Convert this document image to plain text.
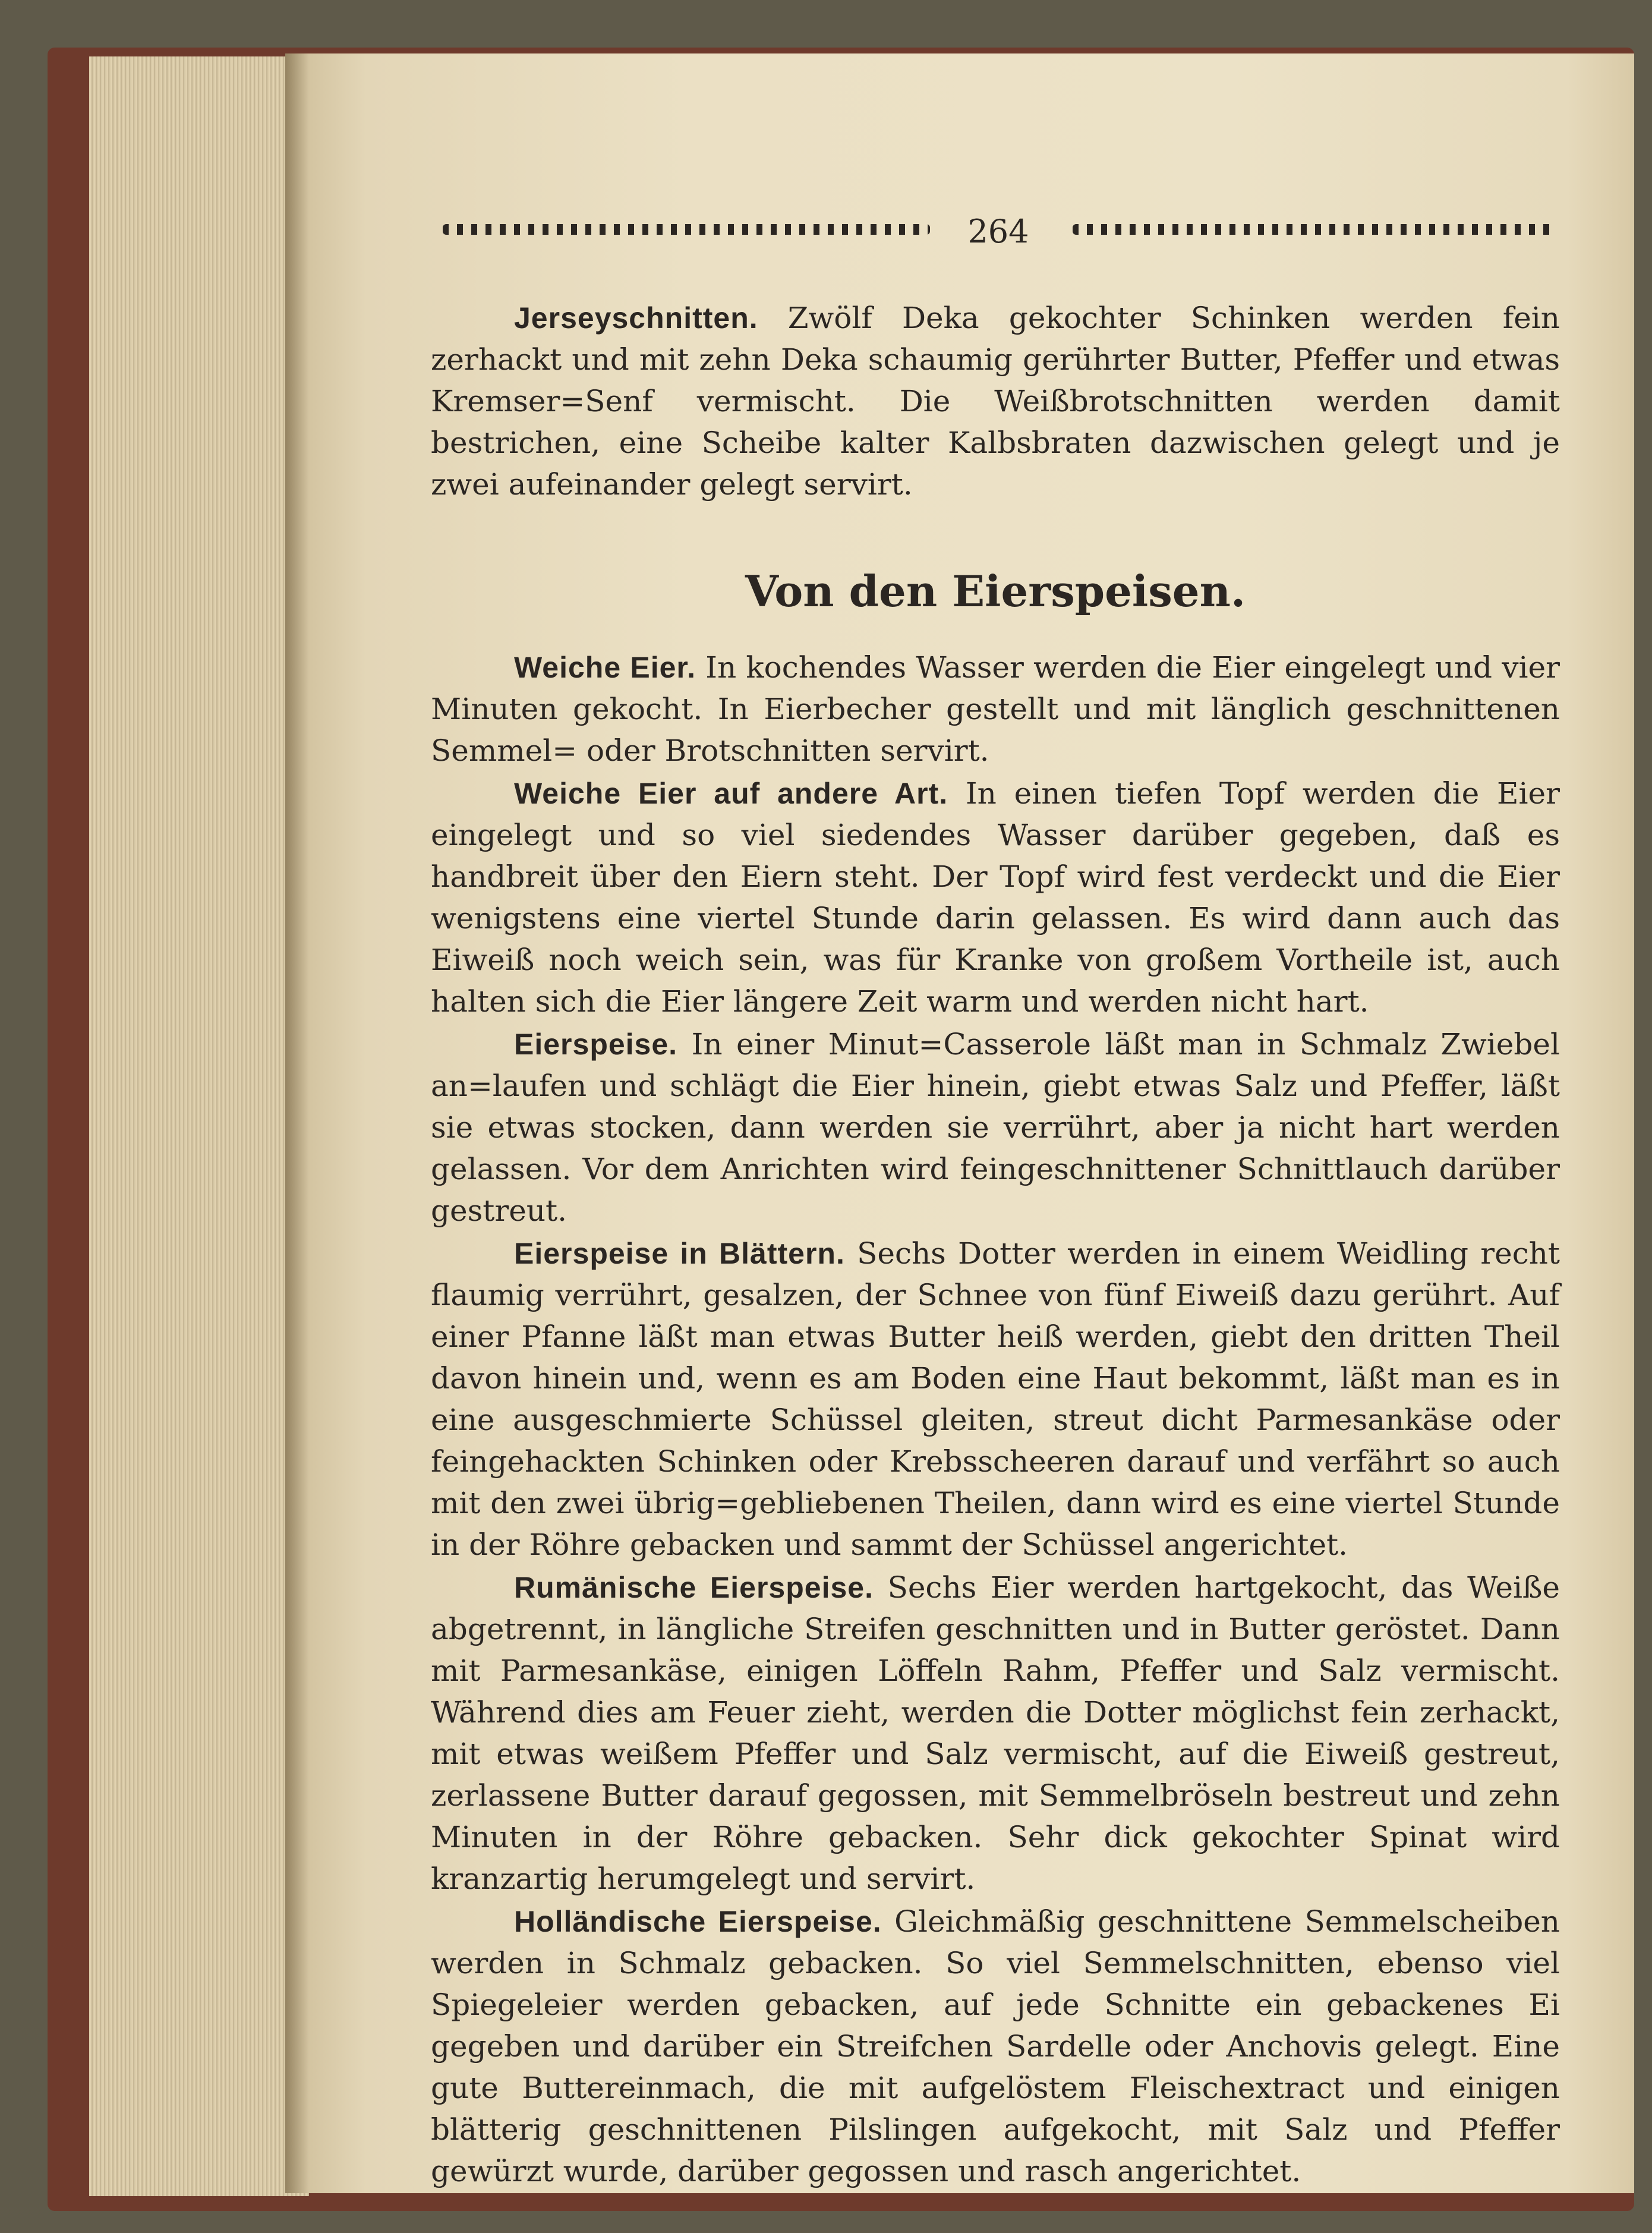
264

Jerseyschnitten. Zwölf Deka gekochter Schinken werden fein zerhackt und mit zehn Deka schaumig gerührter Butter, Pfeffer und etwas Kremser=Senf vermischt. Die Weißbrotschnitten werden damit bestrichen, eine Scheibe kalter Kalbsbraten dazwischen gelegt und je zwei aufeinander gelegt servirt.

Von den Eierspeisen.

Weiche Eier. In kochendes Wasser werden die Eier eingelegt und vier Minuten gekocht. In Eierbecher gestellt und mit länglich geschnittenen Semmel= oder Brotschnitten servirt.

Weiche Eier auf andere Art. In einen tiefen Topf werden die Eier eingelegt und so viel siedendes Wasser darüber gegeben, daß es handbreit über den Eiern steht. Der Topf wird fest verdeckt und die Eier wenigstens eine viertel Stunde darin gelassen. Es wird dann auch das Eiweiß noch weich sein, was für Kranke von großem Vortheile ist, auch halten sich die Eier längere Zeit warm und werden nicht hart.

Eierspeise. In einer Minut=Casserole läßt man in Schmalz Zwiebel an=laufen und schlägt die Eier hinein, giebt etwas Salz und Pfeffer, läßt sie etwas stocken, dann werden sie verrührt, aber ja nicht hart werden gelassen. Vor dem Anrichten wird feingeschnittener Schnittlauch darüber gestreut.

Eierspeise in Blättern. Sechs Dotter werden in einem Weidling recht flaumig verrührt, gesalzen, der Schnee von fünf Eiweiß dazu gerührt. Auf einer Pfanne läßt man etwas Butter heiß werden, giebt den dritten Theil davon hinein und, wenn es am Boden eine Haut bekommt, läßt man es in eine ausgeschmierte Schüssel gleiten, streut dicht Parmesankäse oder feingehackten Schinken oder Krebsscheeren darauf und verfährt so auch mit den zwei übrig=gebliebenen Theilen, dann wird es eine viertel Stunde in der Röhre gebacken und sammt der Schüssel angerichtet.

Rumänische Eierspeise. Sechs Eier werden hartgekocht, das Weiße abgetrennt, in längliche Streifen geschnitten und in Butter geröstet. Dann mit Parmesankäse, einigen Löffeln Rahm, Pfeffer und Salz vermischt. Während dies am Feuer zieht, werden die Dotter möglichst fein zerhackt, mit etwas weißem Pfeffer und Salz vermischt, auf die Eiweiß gestreut, zerlassene Butter darauf gegossen, mit Semmelbröseln bestreut und zehn Minuten in der Röhre gebacken. Sehr dick gekochter Spinat wird kranzartig herumgelegt und servirt.

Holländische Eierspeise. Gleichmäßig geschnittene Semmelscheiben werden in Schmalz gebacken. So viel Semmelschnitten, ebenso viel Spiegeleier werden gebacken, auf jede Schnitte ein gebackenes Ei gegeben und darüber ein Streifchen Sardelle oder Anchovis gelegt. Eine gute Buttereinmach, die mit aufgelöstem Fleischextract und einigen blätterig geschnittenen Pilslingen aufgekocht, mit Salz und Pfeffer gewürzt wurde, darüber gegossen und rasch angerichtet.
